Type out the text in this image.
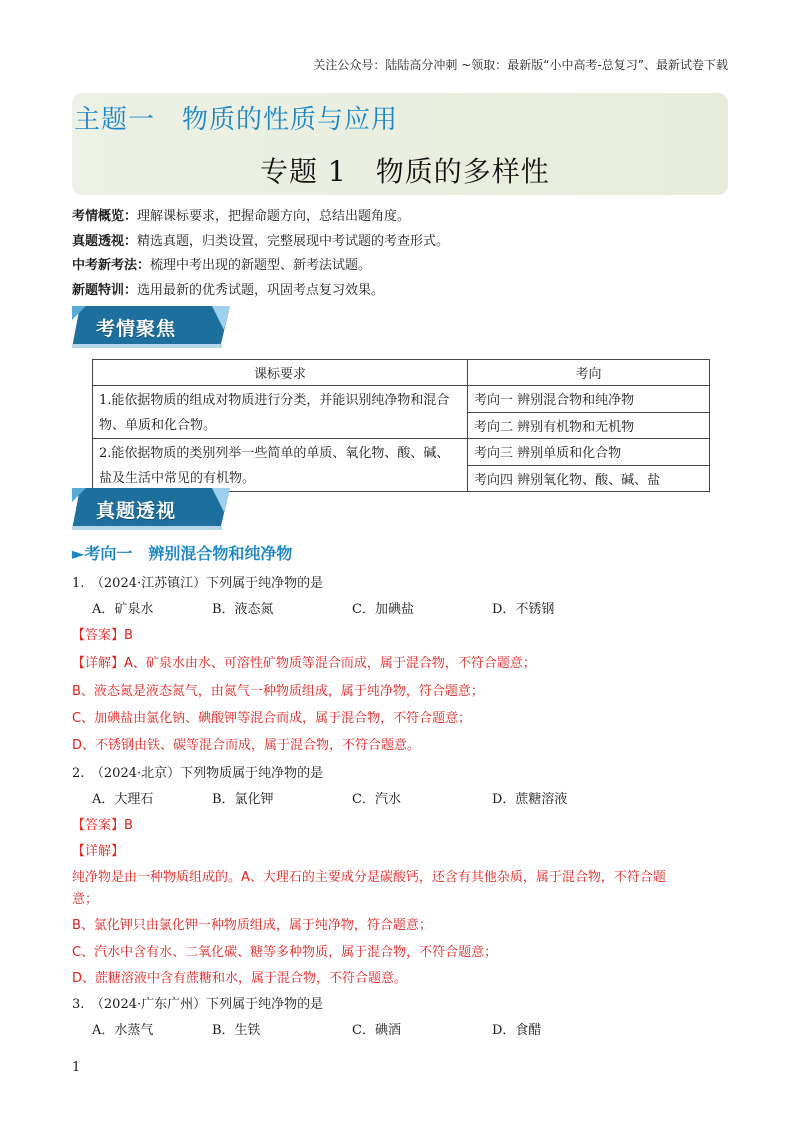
关注公众号：陆陆高分冲刺 ~领取：最新版“小中高考-总复习”、最新试卷下载
主题一　物质的性质与应用
专题 1　物质的多样性
考情概览：理解课标要求，把握命题方向，总结出题角度。
真题透视：精选真题，归类设置，完整展现中考试题的考查形式。
中考新考法：梳理中考出现的新题型、新考法试题。
新题特训：选用最新的优秀试题，巩固考点复习效果。
考情聚焦
课标要求	考向
1.能依据物质的组成对物质进行分类，并能识别纯净物和混合物、单质和化合物。	考向一 辨别混合物和纯净物
	考向二 辨别有机物和无机物
2.能依据物质的类别列举一些简单的单质、氧化物、酸、碱、盐及生活中常见的有机物。	考向三 辨别单质和化合物
	考向四 辨别氧化物、酸、碱、盐
真题透视
►考向一　辨别混合物和纯净物
1.　（2024·江苏镇江）下列属于纯净物的是
A．矿泉水	B．液态氮	C．加碘盐	D．不锈钢
【答案】B
【详解】A、矿泉水由水、可溶性矿物质等混合而成，属于混合物，不符合题意；
B、液态氮是液态氮气，由氮气一种物质组成，属于纯净物，符合题意；
C、加碘盐由氯化钠、碘酸钾等混合而成，属于混合物，不符合题意；
D、不锈钢由铁、碳等混合而成，属于混合物，不符合题意。
2.　（2024·北京）下列物质属于纯净物的是
A．大理石	B．氯化钾	C．汽水	D．蔗糖溶液
【答案】B
【详解】
纯净物是由一种物质组成的。A、大理石的主要成分是碳酸钙，还含有其他杂质，属于混合物，不符合题
意；
B、氯化钾只由氯化钾一种物质组成，属于纯净物，符合题意；
C、汽水中含有水、二氧化碳、糖等多种物质，属于混合物，不符合题意；
D、蔗糖溶液中含有蔗糖和水，属于混合物，不符合题意。
3.　（2024·广东广州）下列属于纯净物的是
A．水蒸气	B．生铁	C．碘酒	D．食醋
1
